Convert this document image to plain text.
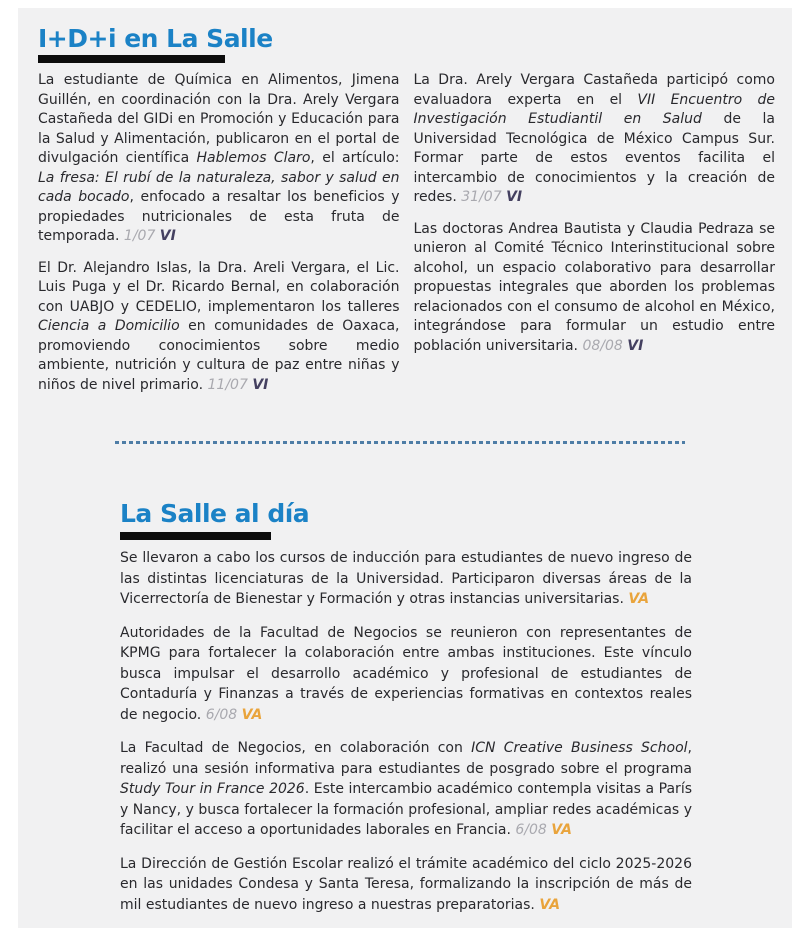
I+D+i en La Salle

La estudiante de Química en Alimentos, Jimena Guillén, en coordinación con la Dra. Arely Vergara Castañeda del GIDi en Promoción y Educación para la Salud y Alimentación, publicaron en el portal de divulgación científica Hablemos Claro, el artículo: La fresa: El rubí de la naturaleza, sabor y salud en cada bocado, enfocado a resaltar los beneficios y propiedades nutricionales de esta fruta de temporada. 1/07 VI

El Dr. Alejandro Islas, la Dra. Areli Vergara, el Lic. Luis Puga y el Dr. Ricardo Bernal, en colaboración con UABJO y CEDELIO, implementaron los talleres Ciencia a Domicilio en comunidades de Oaxaca, promoviendo conocimientos sobre medio ambiente, nutrición y cultura de paz entre niñas y niños de nivel primario. 11/07 VI

La Dra. Arely Vergara Castañeda participó como evaluadora experta en el VII Encuentro de Investigación Estudiantil en Salud de la Universidad Tecnológica de México Campus Sur. Formar parte de estos eventos facilita el intercambio de conocimientos y la creación de redes. 31/07 VI

Las doctoras Andrea Bautista y Claudia Pedraza se unieron al Comité Técnico Interinstitucional sobre alcohol, un espacio colaborativo para desarrollar propuestas integrales que aborden los problemas relacionados con el consumo de alcohol en México, integrándose para formular un estudio entre población universitaria. 08/08 VI

La Salle al día

Se llevaron a cabo los cursos de inducción para estudiantes de nuevo ingreso de las distintas licenciaturas de la Universidad. Participaron diversas áreas de la Vicerrectoría de Bienestar y Formación y otras instancias universitarias. VA

Autoridades de la Facultad de Negocios se reunieron con representantes de KPMG para fortalecer la colaboración entre ambas instituciones. Este vínculo busca impulsar el desarrollo académico y profesional de estudiantes de Contaduría y Finanzas a través de experiencias formativas en contextos reales de negocio. 6/08 VA

La Facultad de Negocios, en colaboración con ICN Creative Business School, realizó una sesión informativa para estudiantes de posgrado sobre el programa Study Tour in France 2026. Este intercambio académico contempla visitas a París y Nancy, y busca fortalecer la formación profesional, ampliar redes académicas y facilitar el acceso a oportunidades laborales en Francia. 6/08 VA

La Dirección de Gestión Escolar realizó el trámite académico del ciclo 2025-2026 en las unidades Condesa y Santa Teresa, formalizando la inscripción de más de mil estudiantes de nuevo ingreso a nuestras preparatorias. VA
